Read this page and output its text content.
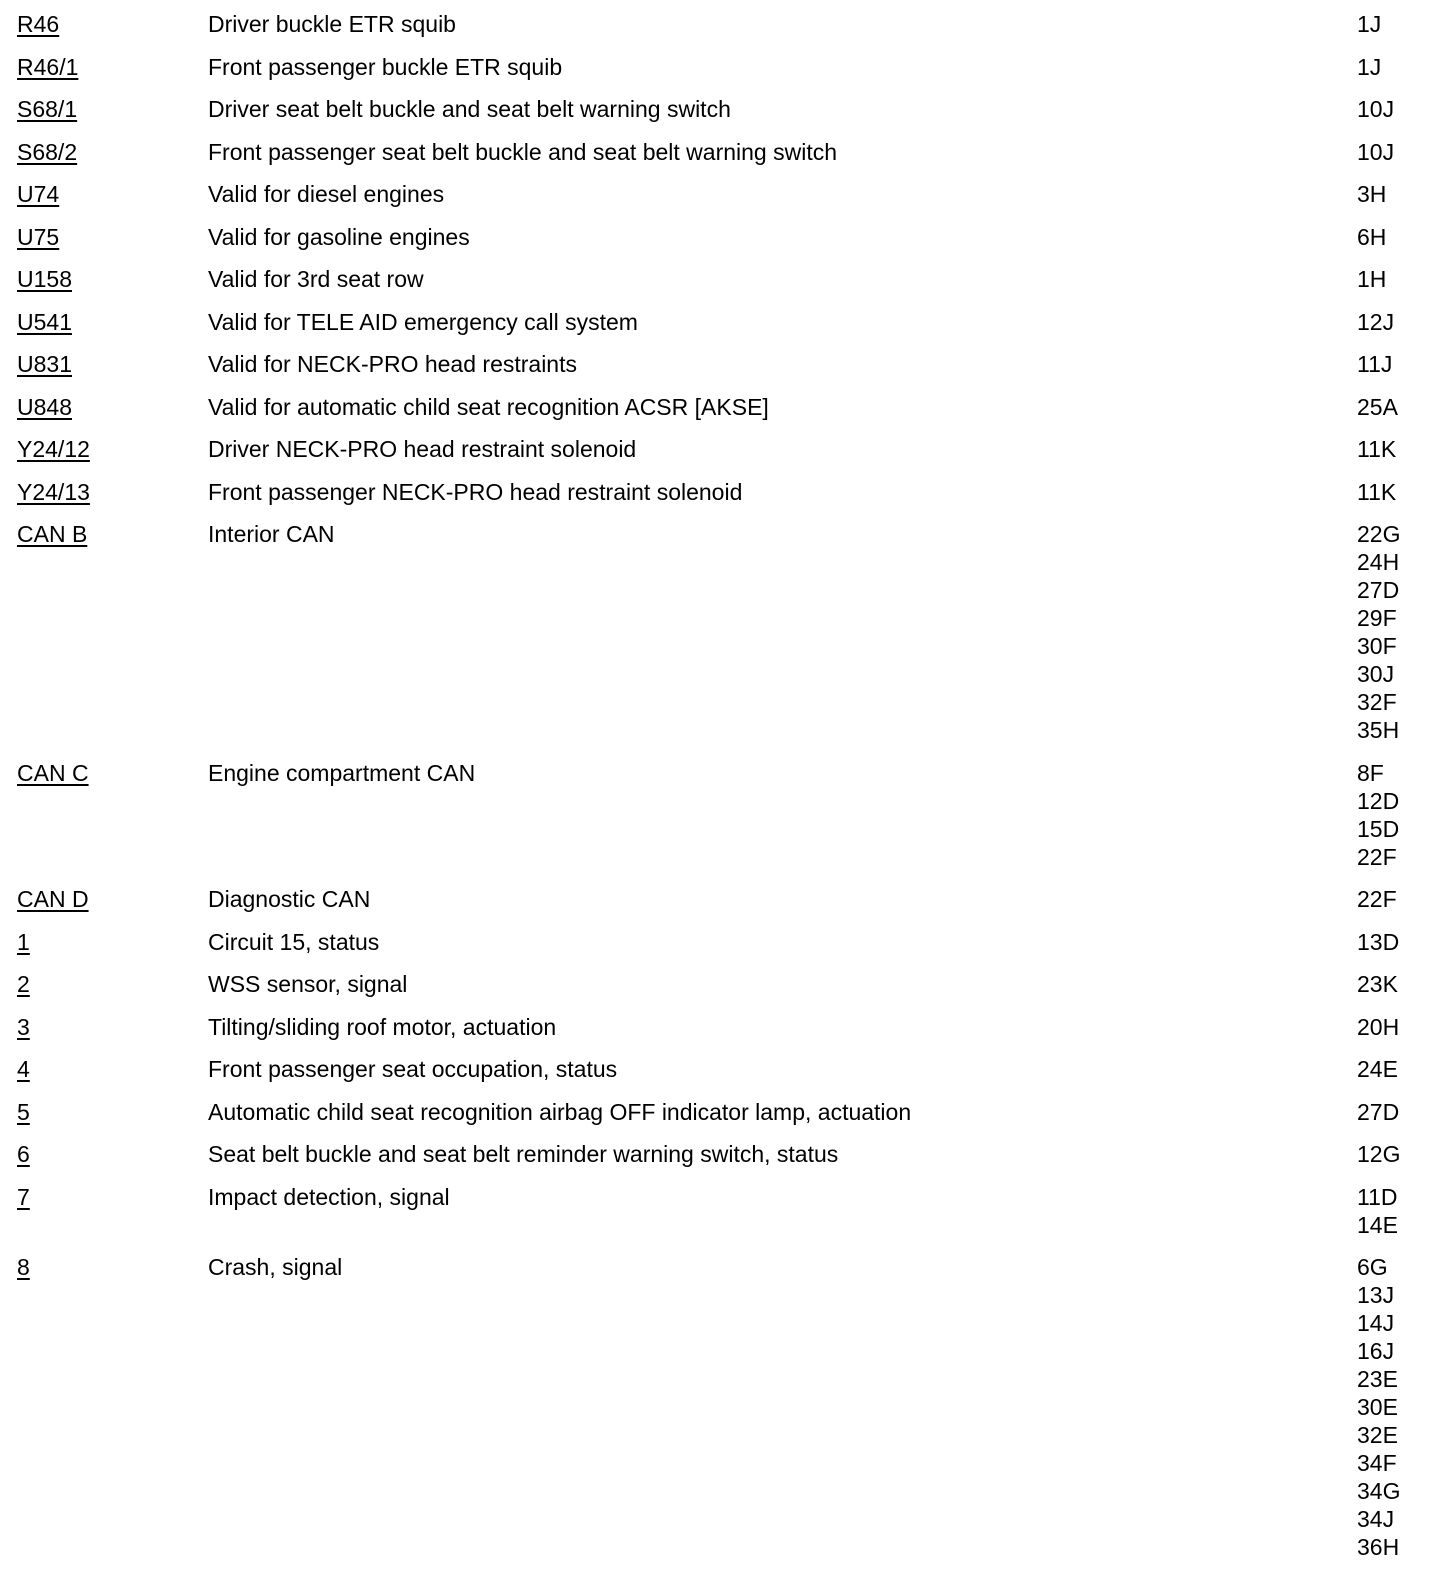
R46	Driver buckle ETR squib	1J
R46/1	Front passenger buckle ETR squib	1J
S68/1	Driver seat belt buckle and seat belt warning switch	10J
S68/2	Front passenger seat belt buckle and seat belt warning switch	10J
U74	Valid for diesel engines	3H
U75	Valid for gasoline engines	6H
U158	Valid for 3rd seat row	1H
U541	Valid for TELE AID emergency call system	12J
U831	Valid for NECK-PRO head restraints	11J
U848	Valid for automatic child seat recognition ACSR [AKSE]	25A
Y24/12	Driver NECK-PRO head restraint solenoid	11K
Y24/13	Front passenger NECK-PRO head restraint solenoid	11K
CAN B	Interior CAN	22G
24H
27D
29F
30F
30J
32F
35H
CAN C	Engine compartment CAN	8F
12D
15D
22F
CAN D	Diagnostic CAN	22F
1	Circuit 15, status	13D
2	WSS sensor, signal	23K
3	Tilting/sliding roof motor, actuation	20H
4	Front passenger seat occupation, status	24E
5	Automatic child seat recognition airbag OFF indicator lamp, actuation	27D
6	Seat belt buckle and seat belt reminder warning switch, status	12G
7	Impact detection, signal	11D
14E
8	Crash, signal	6G
13J
14J
16J
23E
30E
32E
34F
34G
34J
36H
